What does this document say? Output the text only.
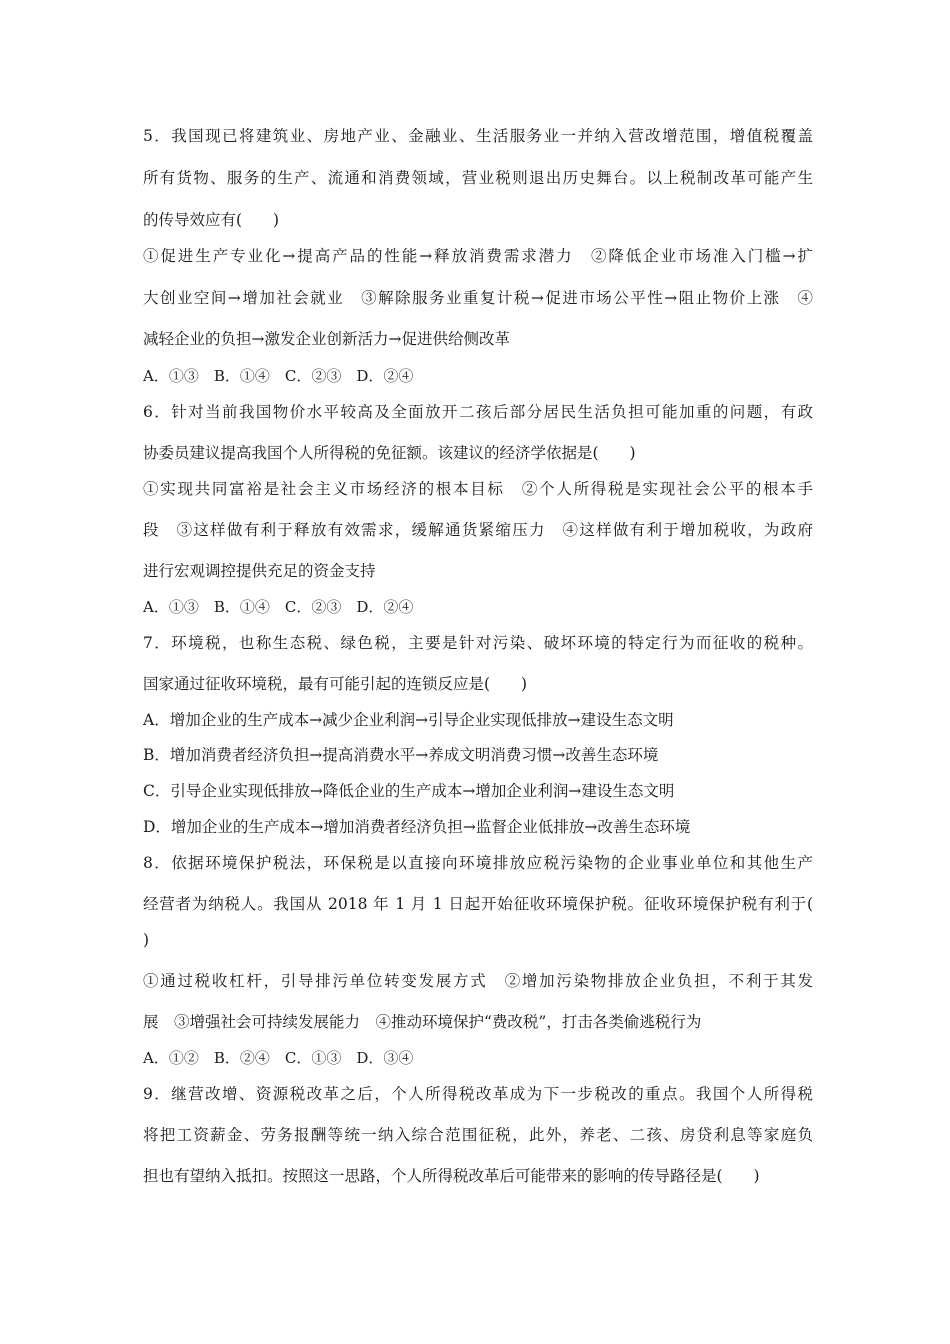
5．我国现已将建筑业、房地产业、金融业、生活服务业一并纳入营改增范围，增值税覆盖
所有货物、服务的生产、流通和消费领域，营业税则退出历史舞台。以上税制改革可能产生
的传导效应有(　　)
①促进生产专业化→提高产品的性能→释放消费需求潜力　②降低企业市场准入门槛→扩
大创业空间→增加社会就业　③解除服务业重复计税→促进市场公平性→阻止物价上涨　④
减轻企业的负担→激发企业创新活力→促进供给侧改革
A．①③　B．①④　C．②③　D．②④
6．针对当前我国物价水平较高及全面放开二孩后部分居民生活负担可能加重的问题，有政
协委员建议提高我国个人所得税的免征额。该建议的经济学依据是(　　)
①实现共同富裕是社会主义市场经济的根本目标　②个人所得税是实现社会公平的根本手
段　③这样做有利于释放有效需求，缓解通货紧缩压力　④这样做有利于增加税收，为政府
进行宏观调控提供充足的资金支持
A．①③　B．①④　C．②③　D．②④
7．环境税，也称生态税、绿色税，主要是针对污染、破坏环境的特定行为而征收的税种。
国家通过征收环境税，最有可能引起的连锁反应是(　　)
A．增加企业的生产成本→减少企业利润→引导企业实现低排放→建设生态文明
B．增加消费者经济负担→提高消费水平→养成文明消费习惯→改善生态环境
C．引导企业实现低排放→降低企业的生产成本→增加企业利润→建设生态文明
D．增加企业的生产成本→增加消费者经济负担→监督企业低排放→改善生态环境
8．依据环境保护税法，环保税是以直接向环境排放应税污染物的企业事业单位和其他生产
经营者为纳税人。我国从 2018 年 1 月 1 日起开始征收环境保护税。征收环境保护税有利于(
)
①通过税收杠杆，引导排污单位转变发展方式　②增加污染物排放企业负担，不利于其发
展　③增强社会可持续发展能力　④推动环境保护“费改税”，打击各类偷逃税行为
A．①②　B．②④　C．①③　D．③④
9．继营改增、资源税改革之后，个人所得税改革成为下一步税改的重点。我国个人所得税
将把工资薪金、劳务报酬等统一纳入综合范围征税，此外，养老、二孩、房贷利息等家庭负
担也有望纳入抵扣。按照这一思路，个人所得税改革后可能带来的影响的传导路径是(　　)
